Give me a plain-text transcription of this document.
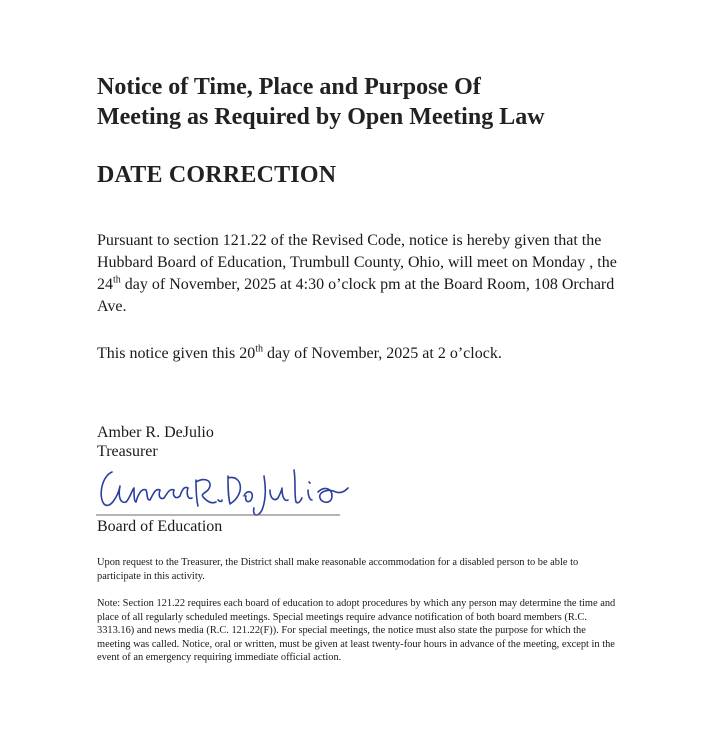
Notice of Time, Place and Purpose Of
Meeting as Required by Open Meeting Law
DATE CORRECTION

Pursuant to section 121.22 of the Revised Code, notice is hereby given that the Hubbard Board of Education, Trumbull County, Ohio, will meet on Monday , the 24th day of November, 2025 at 4:30 o’clock pm at the Board Room, 108 Orchard Ave.

This notice given this 20th day of November, 2025 at 2 o’clock.

Amber R. DeJulio
Treasurer
Board of Education

Upon request to the Treasurer, the District shall make reasonable accommodation for a disabled person to be able to participate in this activity.

Note: Section 121.22 requires each board of education to adopt procedures by which any person may determine the time and place of all regularly scheduled meetings. Special meetings require advance notification of both board members (R.C. 3313.16) and news media (R.C. 121.22(F)). For special meetings, the notice must also state the purpose for which the meeting was called. Notice, oral or written, must be given at least twenty-four hours in advance of the meeting, except in the event of an emergency requiring immediate official action.
